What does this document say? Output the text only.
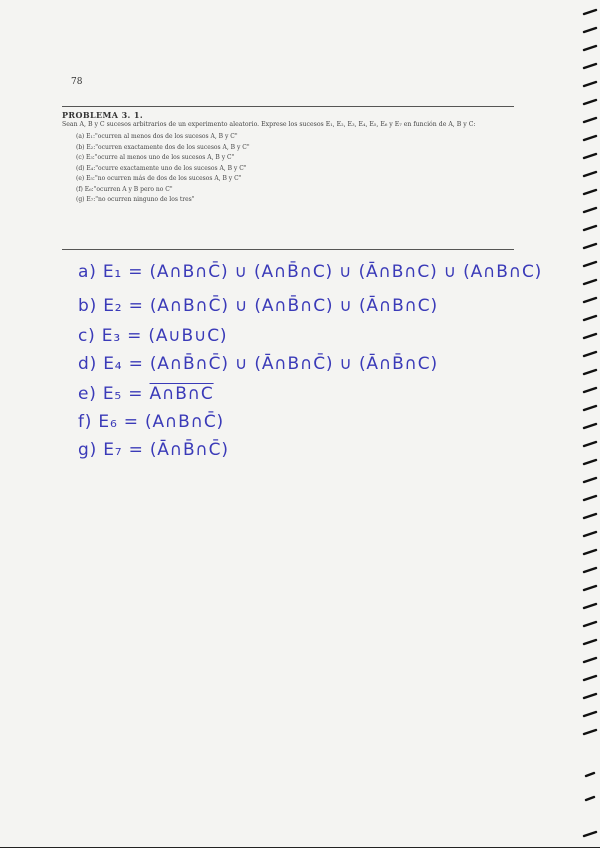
78

PROBLEMA 3. 1.

Sean A, B y C sucesos arbitrarios de un experimento aleatorio. Exprese los sucesos E₁, E₂, E₃, E₄, E₅, E₆ y E₇ en función de A, B y C:

(a) E₁:"ocurren al menos dos de los sucesos A, B y C"
(b) E₂:"ocurren exactamente dos de los sucesos A, B y C"
(c) E₃:"ocurre al menos uno de los sucesos A, B y C"
(d) E₄:"ocurre exactamente uno de los sucesos A, B y C"
(e) E₅:"no ocurren más de dos de los sucesos A, B y C"
(f) E₆:"ocurren A y B pero no C"
(g) E₇:"no ocurren ninguno de los tres"
a) E₁ = (A∩B∩C̄) ∪ (A∩B̄∩C) ∪ (Ā∩B∩C) ∪ (A∩B∩C)
b) E₂ = (A∩B∩C̄) ∪ (A∩B̄∩C) ∪ (Ā∩B∩C)
c) E₃ = (A∪B∪C)
d) E₄ = (A∩B̄∩C̄) ∪ (Ā∩B∩C̄) ∪ (Ā∩B̄∩C)
e) E₅ = A∩B∩C
f) E₆ = (A∩B∩C̄)
g) E₇ = (Ā∩B̄∩C̄)
